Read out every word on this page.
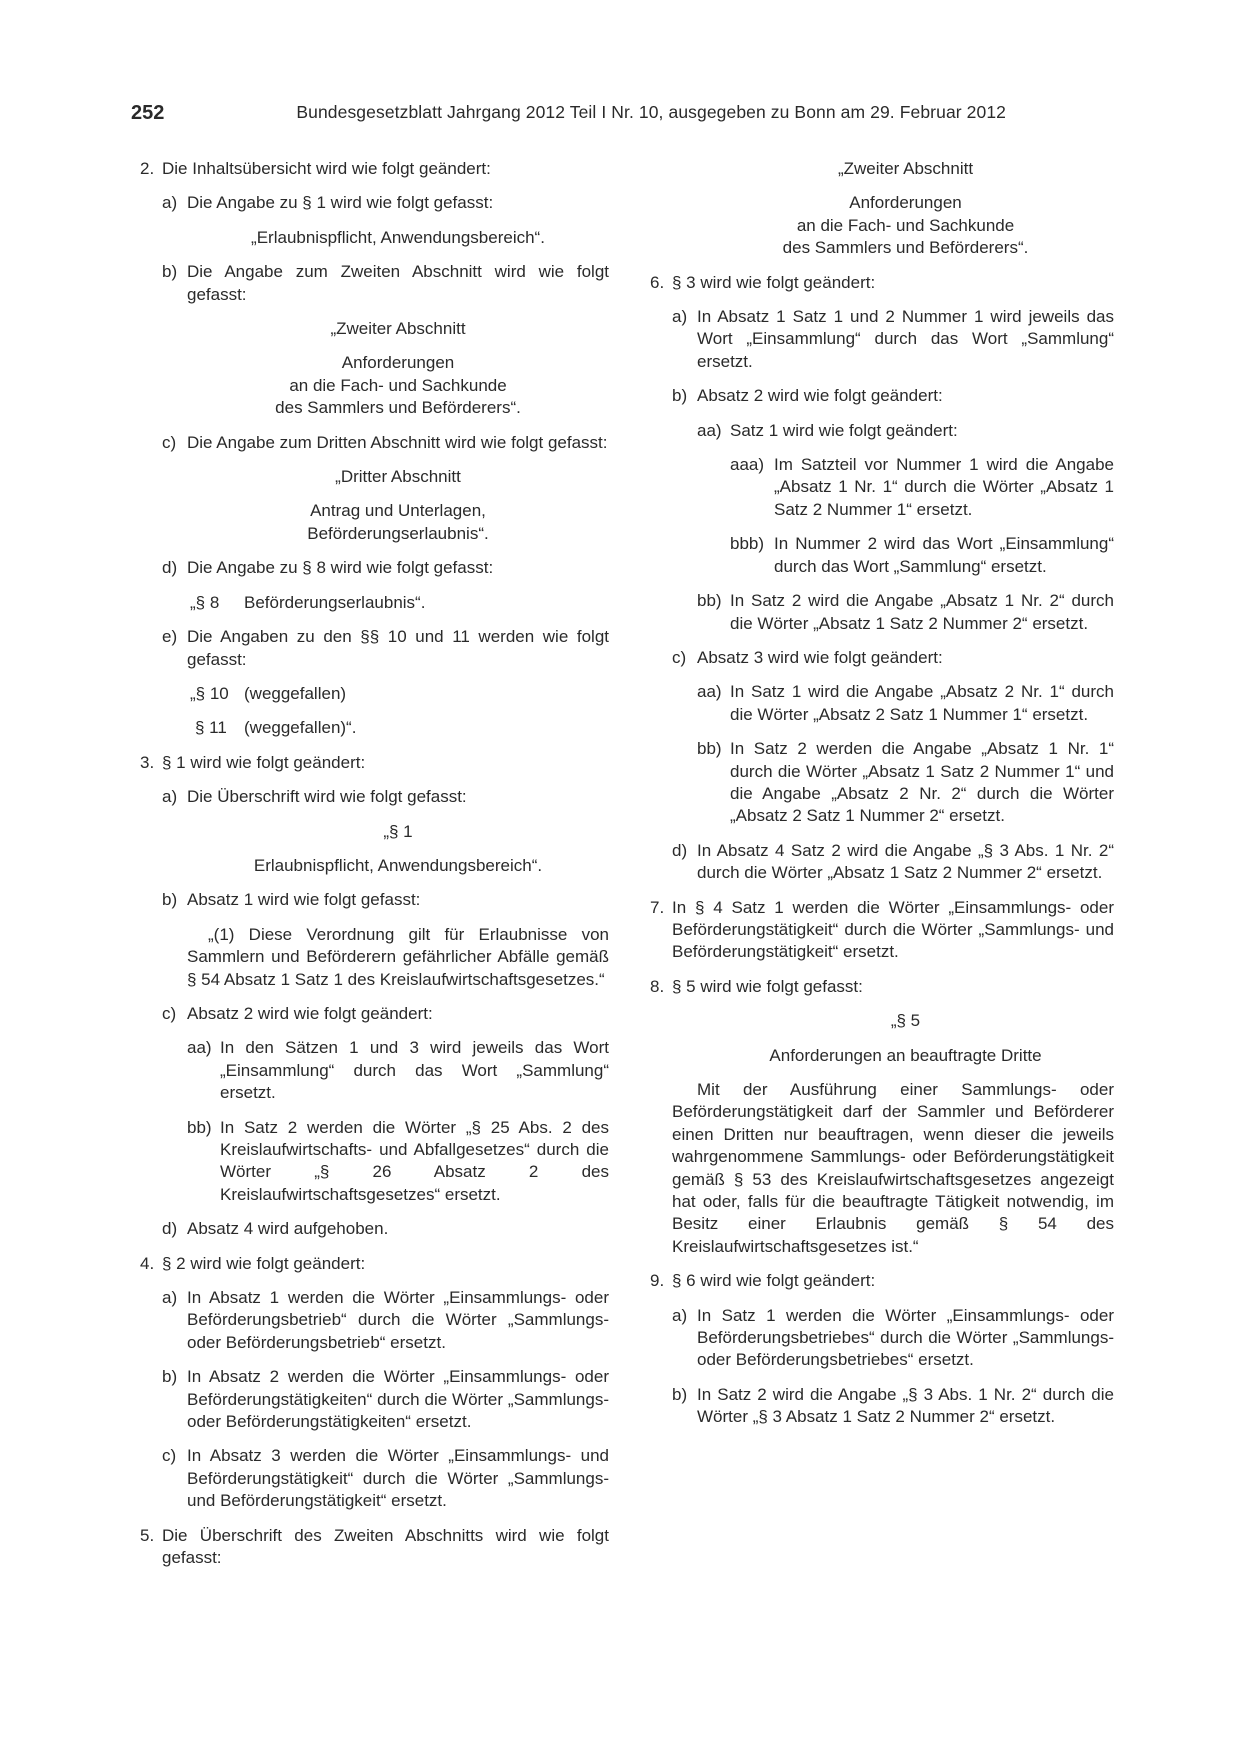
252	Bundesgesetzblatt Jahrgang 2012 Teil I Nr. 10, ausgegeben zu Bonn am 29. Februar 2012
2. Die Inhaltsübersicht wird wie folgt geändert:
a) Die Angabe zu § 1 wird wie folgt gefasst:
„Erlaubnispflicht, Anwendungsbereich“.
b) Die Angabe zum Zweiten Abschnitt wird wie folgt gefasst:
„Zweiter Abschnitt
Anforderungen
an die Fach- und Sachkunde
des Sammlers und Beförderers“.
c) Die Angabe zum Dritten Abschnitt wird wie folgt gefasst:
„Dritter Abschnitt
Antrag und Unterlagen,
Beförderungserlaubnis“.
d) Die Angabe zu § 8 wird wie folgt gefasst:
„§ 8	Beförderungserlaubnis“.
e) Die Angaben zu den §§ 10 und 11 werden wie folgt gefasst:
„§ 10 (weggefallen)
§ 11	(weggefallen)“.
3. § 1 wird wie folgt geändert:
a) Die Überschrift wird wie folgt gefasst:
„§ 1
Erlaubnispflicht, Anwendungsbereich“.
b) Absatz 1 wird wie folgt gefasst:
„(1) Diese Verordnung gilt für Erlaubnisse von Sammlern und Beförderern gefährlicher Abfälle gemäß § 54 Absatz 1 Satz 1 des Kreislaufwirtschaftsgesetzes.“
c) Absatz 2 wird wie folgt geändert:
aa) In den Sätzen 1 und 3 wird jeweils das Wort „Einsammlung“ durch das Wort „Sammlung“ ersetzt.
bb) In Satz 2 werden die Wörter „§ 25 Abs. 2 des Kreislaufwirtschafts- und Abfallgesetzes“ durch die Wörter „§ 26 Absatz 2 des Kreislaufwirtschaftsgesetzes“ ersetzt.
d) Absatz 4 wird aufgehoben.
4. § 2 wird wie folgt geändert:
a) In Absatz 1 werden die Wörter „Einsammlungs- oder Beförderungsbetrieb“ durch die Wörter „Sammlungs- oder Beförderungsbetrieb“ ersetzt.
b) In Absatz 2 werden die Wörter „Einsammlungs- oder Beförderungstätigkeiten“ durch die Wörter „Sammlungs- oder Beförderungstätigkeiten“ ersetzt.
c) In Absatz 3 werden die Wörter „Einsammlungs- und Beförderungstätigkeit“ durch die Wörter „Sammlungs- und Beförderungstätigkeit“ ersetzt.
5. Die Überschrift des Zweiten Abschnitts wird wie folgt gefasst:
„Zweiter Abschnitt
Anforderungen
an die Fach- und Sachkunde
des Sammlers und Beförderers“.
6. § 3 wird wie folgt geändert:
a) In Absatz 1 Satz 1 und 2 Nummer 1 wird jeweils das Wort „Einsammlung“ durch das Wort „Sammlung“ ersetzt.
b) Absatz 2 wird wie folgt geändert:
aa) Satz 1 wird wie folgt geändert:
aaa) Im Satzteil vor Nummer 1 wird die Angabe „Absatz 1 Nr. 1“ durch die Wörter „Absatz 1 Satz 2 Nummer 1“ ersetzt.
bbb) In Nummer 2 wird das Wort „Einsammlung“ durch das Wort „Sammlung“ ersetzt.
bb) In Satz 2 wird die Angabe „Absatz 1 Nr. 2“ durch die Wörter „Absatz 1 Satz 2 Nummer 2“ ersetzt.
c) Absatz 3 wird wie folgt geändert:
aa) In Satz 1 wird die Angabe „Absatz 2 Nr. 1“ durch die Wörter „Absatz 2 Satz 1 Nummer 1“ ersetzt.
bb) In Satz 2 werden die Angabe „Absatz 1 Nr. 1“ durch die Wörter „Absatz 1 Satz 2 Nummer 1“ und die Angabe „Absatz 2 Nr. 2“ durch die Wörter „Absatz 2 Satz 1 Nummer 2“ ersetzt.
d) In Absatz 4 Satz 2 wird die Angabe „§ 3 Abs. 1 Nr. 2“ durch die Wörter „Absatz 1 Satz 2 Nummer 2“ ersetzt.
7. In § 4 Satz 1 werden die Wörter „Einsammlungs- oder Beförderungstätigkeit“ durch die Wörter „Sammlungs- und Beförderungstätigkeit“ ersetzt.
8. § 5 wird wie folgt gefasst:
„§ 5
Anforderungen an beauftragte Dritte
Mit der Ausführung einer Sammlungs- oder Beförderungstätigkeit darf der Sammler und Beförderer einen Dritten nur beauftragen, wenn dieser die jeweils wahrgenommene Sammlungs- oder Beförderungstätigkeit gemäß § 53 des Kreislaufwirtschaftsgesetzes angezeigt hat oder, falls für die beauftragte Tätigkeit notwendig, im Besitz einer Erlaubnis gemäß § 54 des Kreislaufwirtschaftsgesetzes ist.“
9. § 6 wird wie folgt geändert:
a) In Satz 1 werden die Wörter „Einsammlungs- oder Beförderungsbetriebes“ durch die Wörter „Sammlungs- oder Beförderungsbetriebes“ ersetzt.
b) In Satz 2 wird die Angabe „§ 3 Abs. 1 Nr. 2“ durch die Wörter „§ 3 Absatz 1 Satz 2 Nummer 2“ ersetzt.
